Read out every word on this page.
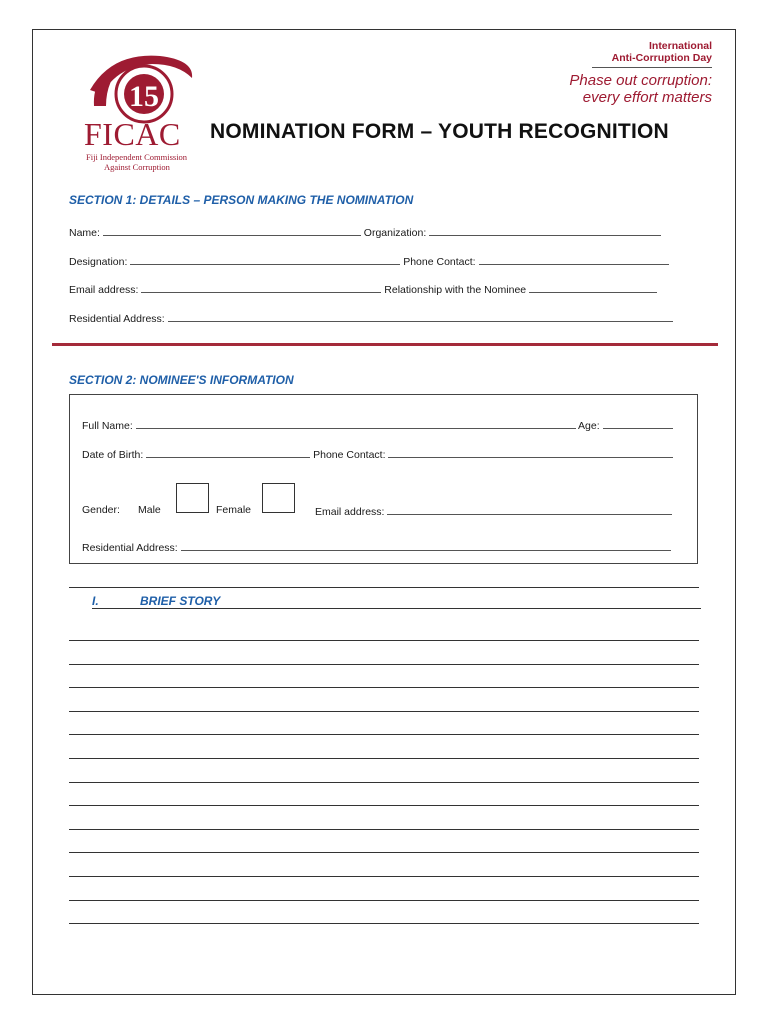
15
FICAC
Fiji Independent Commission
Against Corruption
International
Anti-Corruption Day
Phase out corruption:
every effort matters
NOMINATION FORM – YOUTH RECOGNITION
SECTION 1: DETAILS – PERSON MAKING THE NOMINATION
Name:	Organization:
Designation:	Phone Contact:
Email address:	Relationship with the Nominee
Residential Address:
SECTION 2: NOMINEE'S INFORMATION
Full Name:	Age:
Date of Birth:	Phone Contact:
Gender: Male	Female	Email address:
Residential Address:
I.	BRIEF STORY
